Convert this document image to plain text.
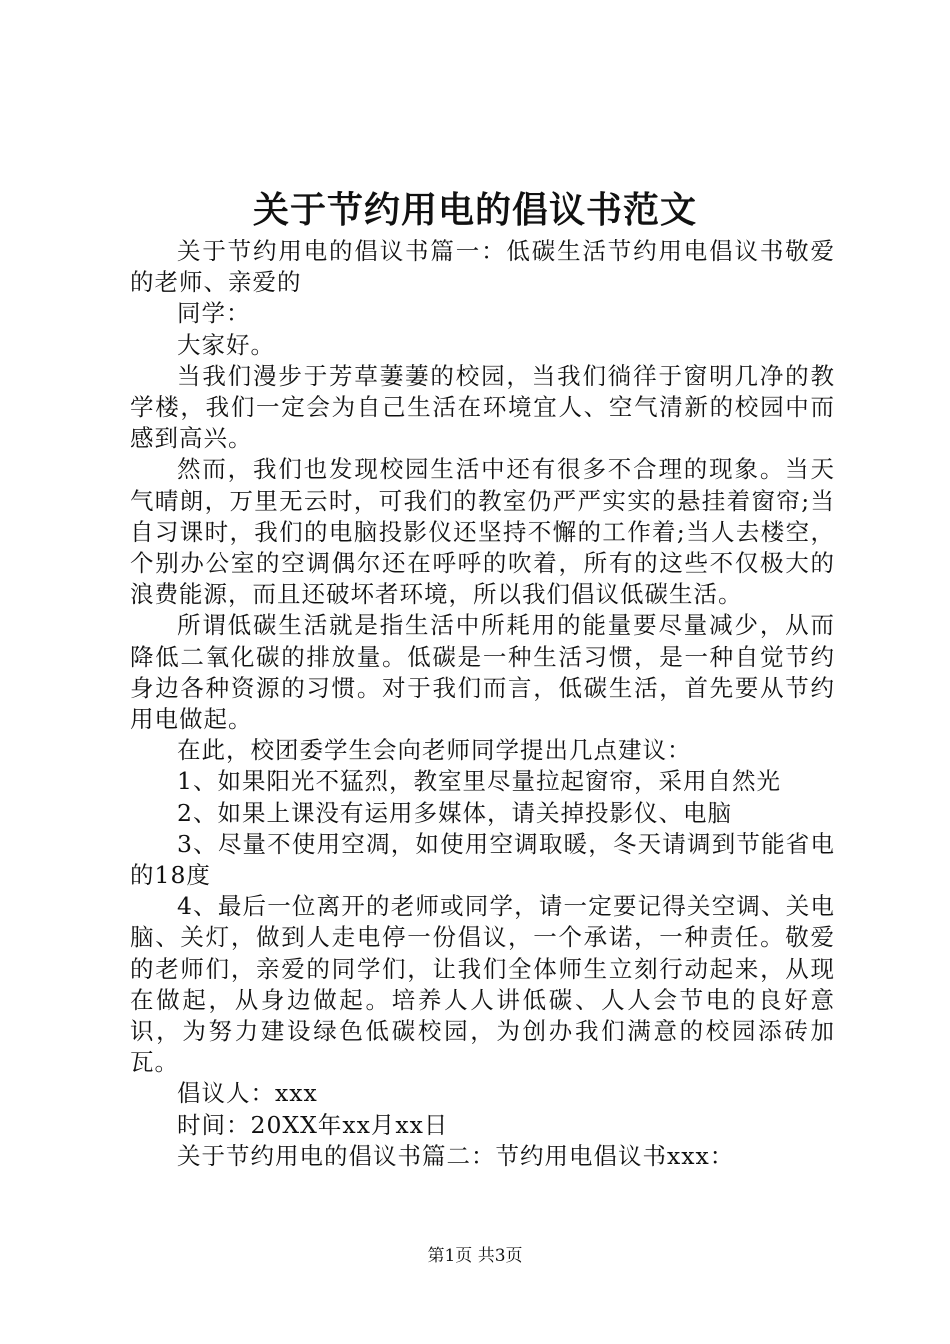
关于节约用电的倡议书范文

关于节约用电的倡议书篇一：低碳生活节约用电倡议书敬爱的老师、亲爱的

同学：

大家好。

当我们漫步于芳草萋萋的校园，当我们徜徉于窗明几净的教学楼，我们一定会为自己生活在环境宜人、空气清新的校园中而感到高兴。

然而，我们也发现校园生活中还有很多不合理的现象。当天气晴朗，万里无云时，可我们的教室仍严严实实的悬挂着窗帘;当自习课时，我们的电脑投影仪还坚持不懈的工作着;当人去楼空，个别办公室的空调偶尔还在呼呼的吹着，所有的这些不仅极大的浪费能源，而且还破坏者环境，所以我们倡议低碳生活。

所谓低碳生活就是指生活中所耗用的能量要尽量减少，从而降低二氧化碳的排放量。低碳是一种生活习惯，是一种自觉节约身边各种资源的习惯。对于我们而言，低碳生活，首先要从节约用电做起。

在此，校团委学生会向老师同学提出几点建议：

1、如果阳光不猛烈，教室里尽量拉起窗帘，采用自然光

2、如果上课没有运用多媒体，请关掉投影仪、电脑

3、尽量不使用空凋，如使用空调取暖，冬天请调到节能省电的18度

4、最后一位离开的老师或同学，请一定要记得关空调、关电脑、关灯，做到人走电停一份倡议，一个承诺，一种责任。敬爱的老师们，亲爱的同学们，让我们全体师生立刻行动起来，从现在做起，从身边做起。培养人人讲低碳、人人会节电的良好意识，为努力建设绿色低碳校园，为创办我们满意的校园添砖加瓦。

倡议人：xxx

时间：20XX年xx月xx日

关于节约用电的倡议书篇二：节约用电倡议书xxx：

第1页 共3页
